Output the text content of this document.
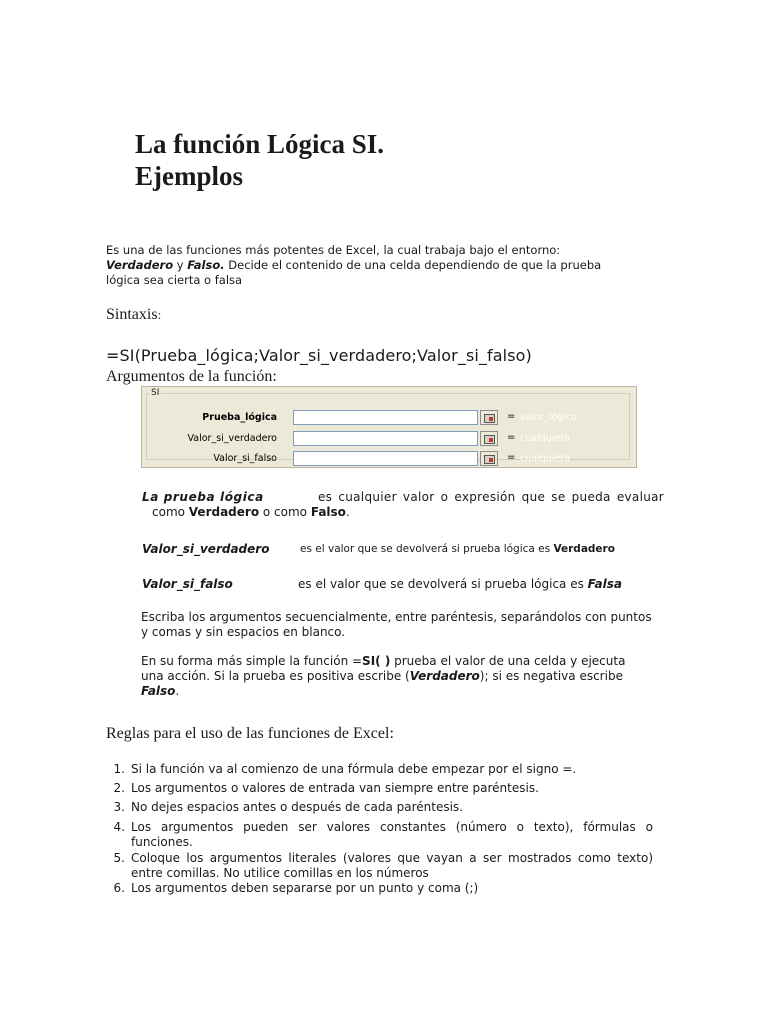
La función Lógica SI.
Ejemplos
Es una de las funciones más potentes de Excel, la cual trabaja bajo el entorno:
Verdadero y Falso. Decide el contenido de una celda dependiendo de que la prueba
lógica sea cierta o falsa
Sintaxis:
=SI(Prueba_lógica;Valor_si_verdadero;Valor_si_falso)
Argumentos de la función:
SI
Prueba_lógica	= valor_lógico
Valor_si_verdadero	= cualquiera
Valor_si_falso	= cualquiera
La prueba lógica	es cualquier valor o expresión que se pueda evaluar
como Verdadero o como Falso.
Valor_si_verdadero	es el valor que se devolverá si prueba lógica es Verdadero
Valor_si_falso	es el valor que se devolverá si prueba lógica es Falsa
Escriba los argumentos secuencialmente, entre paréntesis, separándolos con puntos
y comas y sin espacios en blanco.
En su forma más simple la función =SI( ) prueba el valor de una celda y ejecuta
una acción. Si la prueba es positiva escribe (Verdadero); si es negativa escribe
Falso.
Reglas para el uso de las funciones de Excel:
1. Si la función va al comienzo de una fórmula debe empezar por el signo =.
2. Los argumentos o valores de entrada van siempre entre paréntesis.
3. No dejes espacios antes o después de cada paréntesis.
4. Los argumentos pueden ser valores constantes (número o texto), fórmulas o funciones.
5. Coloque los argumentos literales (valores que vayan a ser mostrados como texto) entre comillas. No utilice comillas en los números
6. Los argumentos deben separarse por un punto y coma (;)
